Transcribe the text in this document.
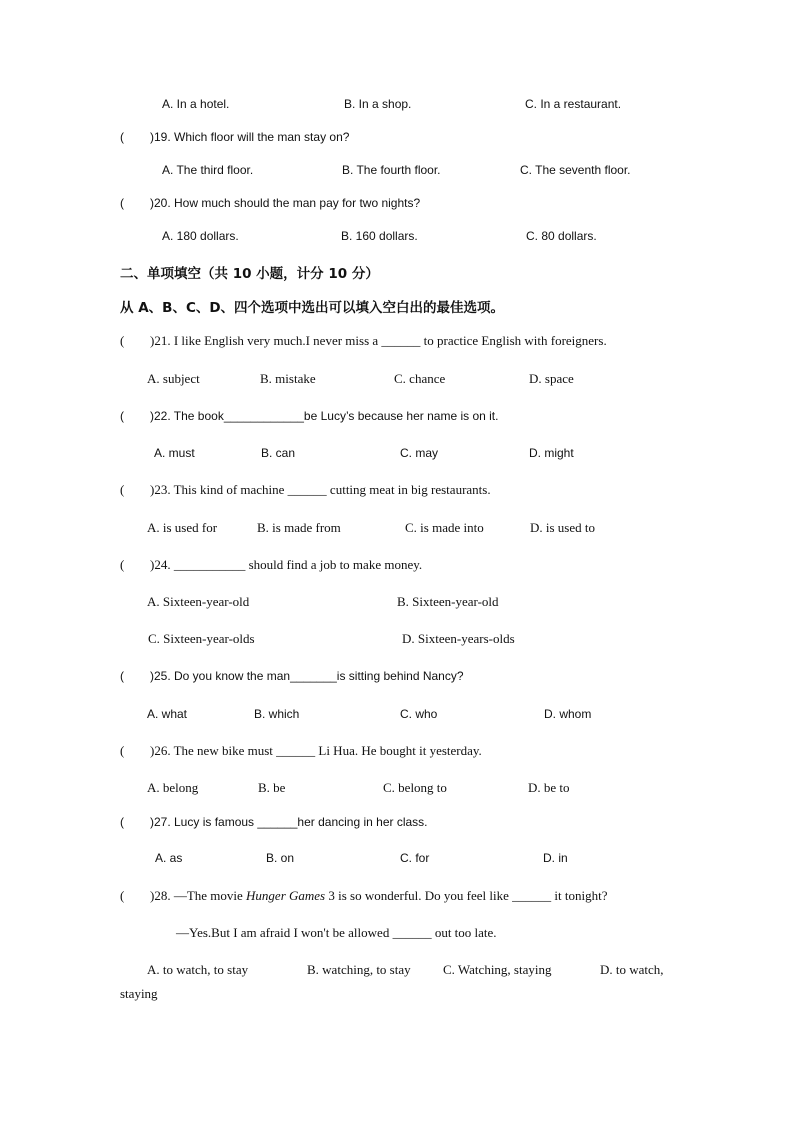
A. In a hotel.	B. In a shop.	C. In a restaurant.
( )19. Which floor will the man stay on?
A. The third floor.	B. The fourth floor.	C. The seventh floor.
( )20. How much should the man pay for two nights?
A. 180 dollars.	B. 160 dollars.	C. 80 dollars.
二、单项填空（共 10 小题，计分 10 分）
从 A、B、C、D、四个选项中选出可以填入空白出的最佳选项。
( )21. I like English very much.I never miss a ______ to practice English with foreigners.
A. subject	B. mistake	C. chance	D. space
( )22. The book____________be Lucy’s because her name is on it.
A. must	B. can	C. may	D. might
( )23. This kind of machine ______ cutting meat in big restaurants.
A. is used for	B. is made from	C. is made into	D. is used to
( )24. ___________ should find a job to make money.
A. Sixteen-year-old	B. Sixteen-year-old
C. Sixteen-year-olds	D. Sixteen-years-olds
( )25. Do you know the man_______is sitting behind Nancy?
A. what	B. which	C. who	D. whom
( )26. The new bike must ______ Li Hua. He bought it yesterday.
A. belong	B. be	C. belong to	D. be to
( )27. Lucy is famous ______her dancing in her class.
A. as	B. on	C. for	D. in
( )28. —The movie Hunger Games 3 is so wonderful. Do you feel like ______ it tonight?
—Yes.But I am afraid I won't be allowed ______ out too late.
A. to watch, to stay	B. watching, to stay C. Watching, staying	D. to watch,
staying
